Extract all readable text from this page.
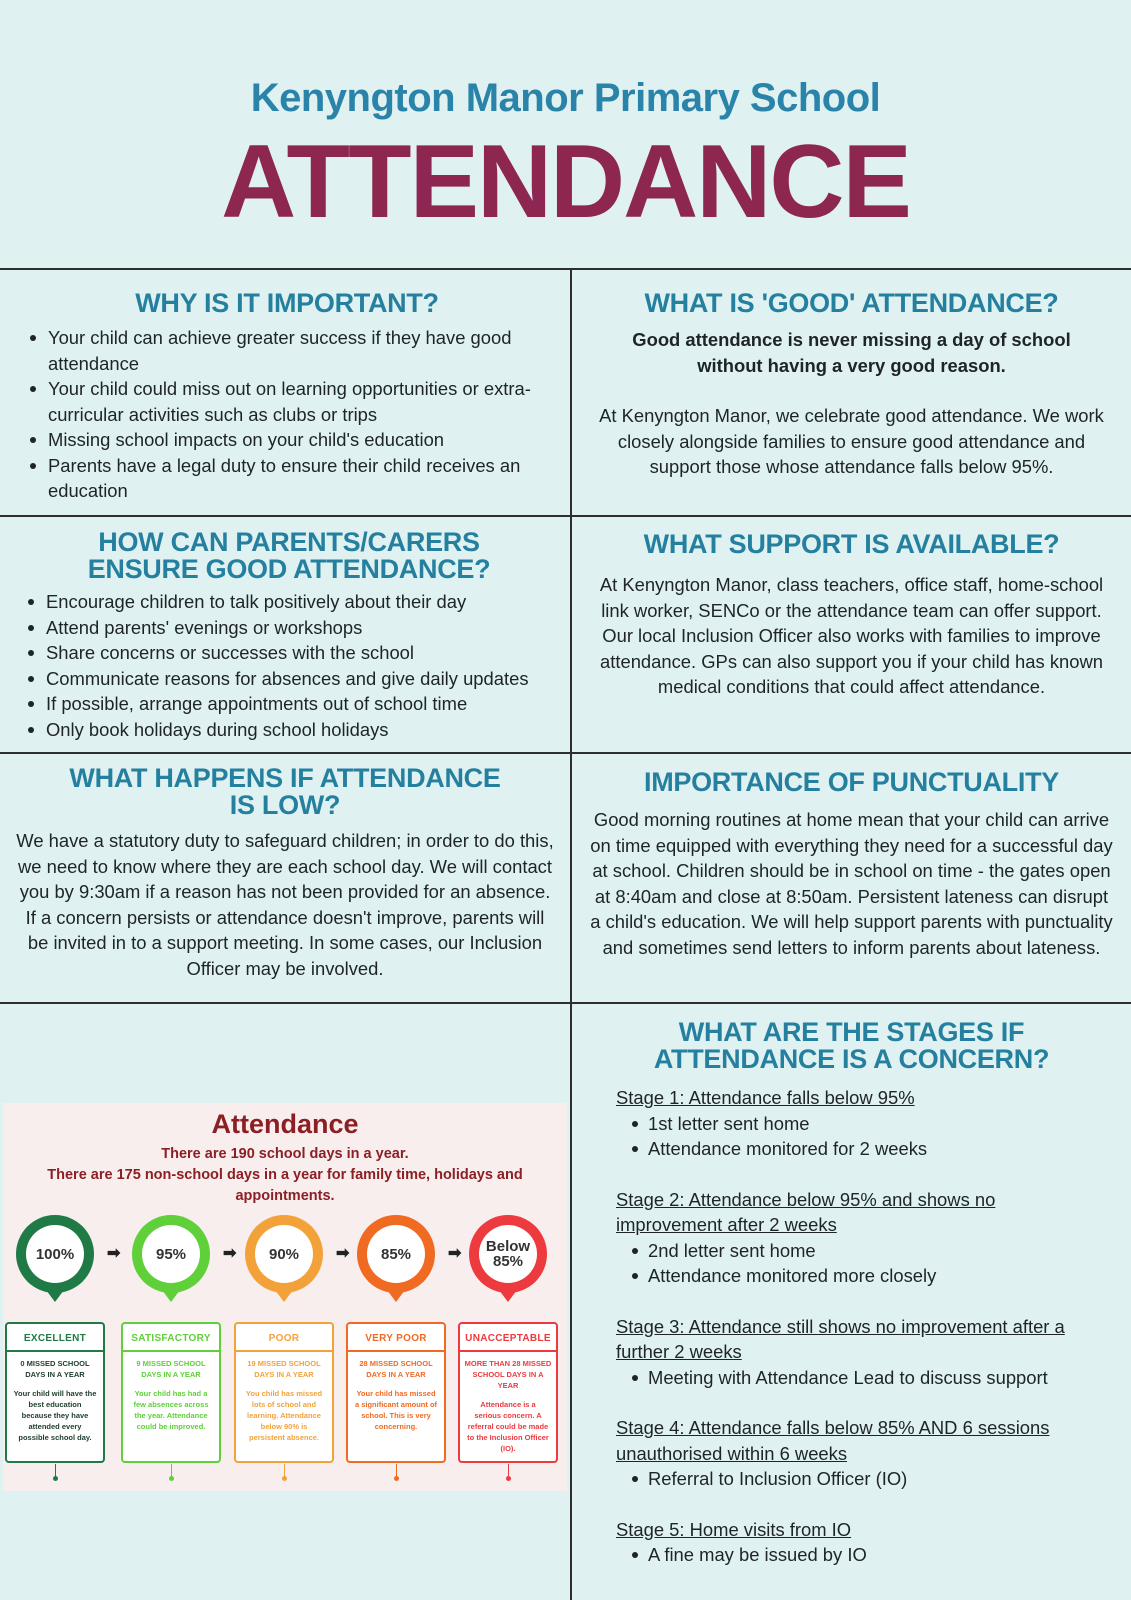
Kenyngton Manor Primary School
ATTENDANCE
WHY IS IT IMPORTANT?
Your child can achieve greater success if they have good attendance
Your child could miss out on learning opportunities or extra-curricular activities such as clubs or trips
Missing school impacts on your child's education
Parents have a legal duty to ensure their child receives an education
WHAT IS 'GOOD' ATTENDANCE?
Good attendance is never missing a day of school without having a very good reason.
At Kenyngton Manor, we celebrate good attendance. We work closely alongside families to ensure good attendance and support those whose attendance falls below 95%.
HOW CAN PARENTS/CARERS
ENSURE GOOD ATTENDANCE?
Encourage children to talk positively about their day
Attend parents' evenings or workshops
Share concerns or successes with the school
Communicate reasons for absences and give daily updates
If possible, arrange appointments out of school time
Only book holidays during school holidays
WHAT SUPPORT IS AVAILABLE?
At Kenyngton Manor, class teachers, office staff, home-school link worker, SENCo or the attendance team can offer support. Our local Inclusion Officer also works with families to improve attendance. GPs can also support you if your child has known medical conditions that could affect attendance.
WHAT HAPPENS IF ATTENDANCE
IS LOW?
We have a statutory duty to safeguard children; in order to do this, we need to know where they are each school day. We will contact you by 9:30am if a reason has not been provided for an absence. If a concern persists or attendance doesn't improve, parents will be invited in to a support meeting. In some cases, our Inclusion Officer may be involved.
IMPORTANCE OF PUNCTUALITY
Good morning routines at home mean that your child can arrive on time equipped with everything they need for a successful day at school. Children should be in school on time - the gates open at 8:40am and close at 8:50am. Persistent lateness can disrupt a child's education. We will help support parents with punctuality and sometimes send letters to inform parents about lateness.
Attendance
There are 190 school days in a year.
There are 175 non-school days in a year for family time, holidays and appointments.
100%	➡
EXCELLENT
0 MISSED SCHOOL DAYS IN A YEAR
Your child will have the best education because they have attended every possible school day.
95%	➡
SATISFACTORY
9 MISSED SCHOOL DAYS IN A YEAR
Your child has had a few absences across the year. Attendance could be improved.
90%	➡
POOR
19 MISSED SCHOOL DAYS IN A YEAR
You child has missed lots of school and learning. Attendance below 90% is persistent absence.
85%	➡
VERY POOR
28 MISSED SCHOOL DAYS IN A YEAR
Your child has missed a significant amount of school. This is very concerning.
Below 85%
UNACCEPTABLE
MORE THAN 28 MISSED SCHOOL DAYS IN A YEAR
Attendance is a serious concern. A referral could be made to the Inclusion Officer (IO).
WHAT ARE THE STAGES IF
ATTENDANCE IS A CONCERN?
Stage 1: Attendance falls below 95%
1st letter sent home
Attendance monitored for 2 weeks
Stage 2: Attendance below 95% and shows no improvement after 2 weeks
2nd letter sent home
Attendance monitored more closely
Stage 3: Attendance still shows no improvement after a further 2 weeks
Meeting with Attendance Lead to discuss support
Stage 4: Attendance falls below 85% AND 6 sessions unauthorised within 6 weeks
Referral to Inclusion Officer (IO)
Stage 5: Home visits from IO
A fine may be issued by IO
